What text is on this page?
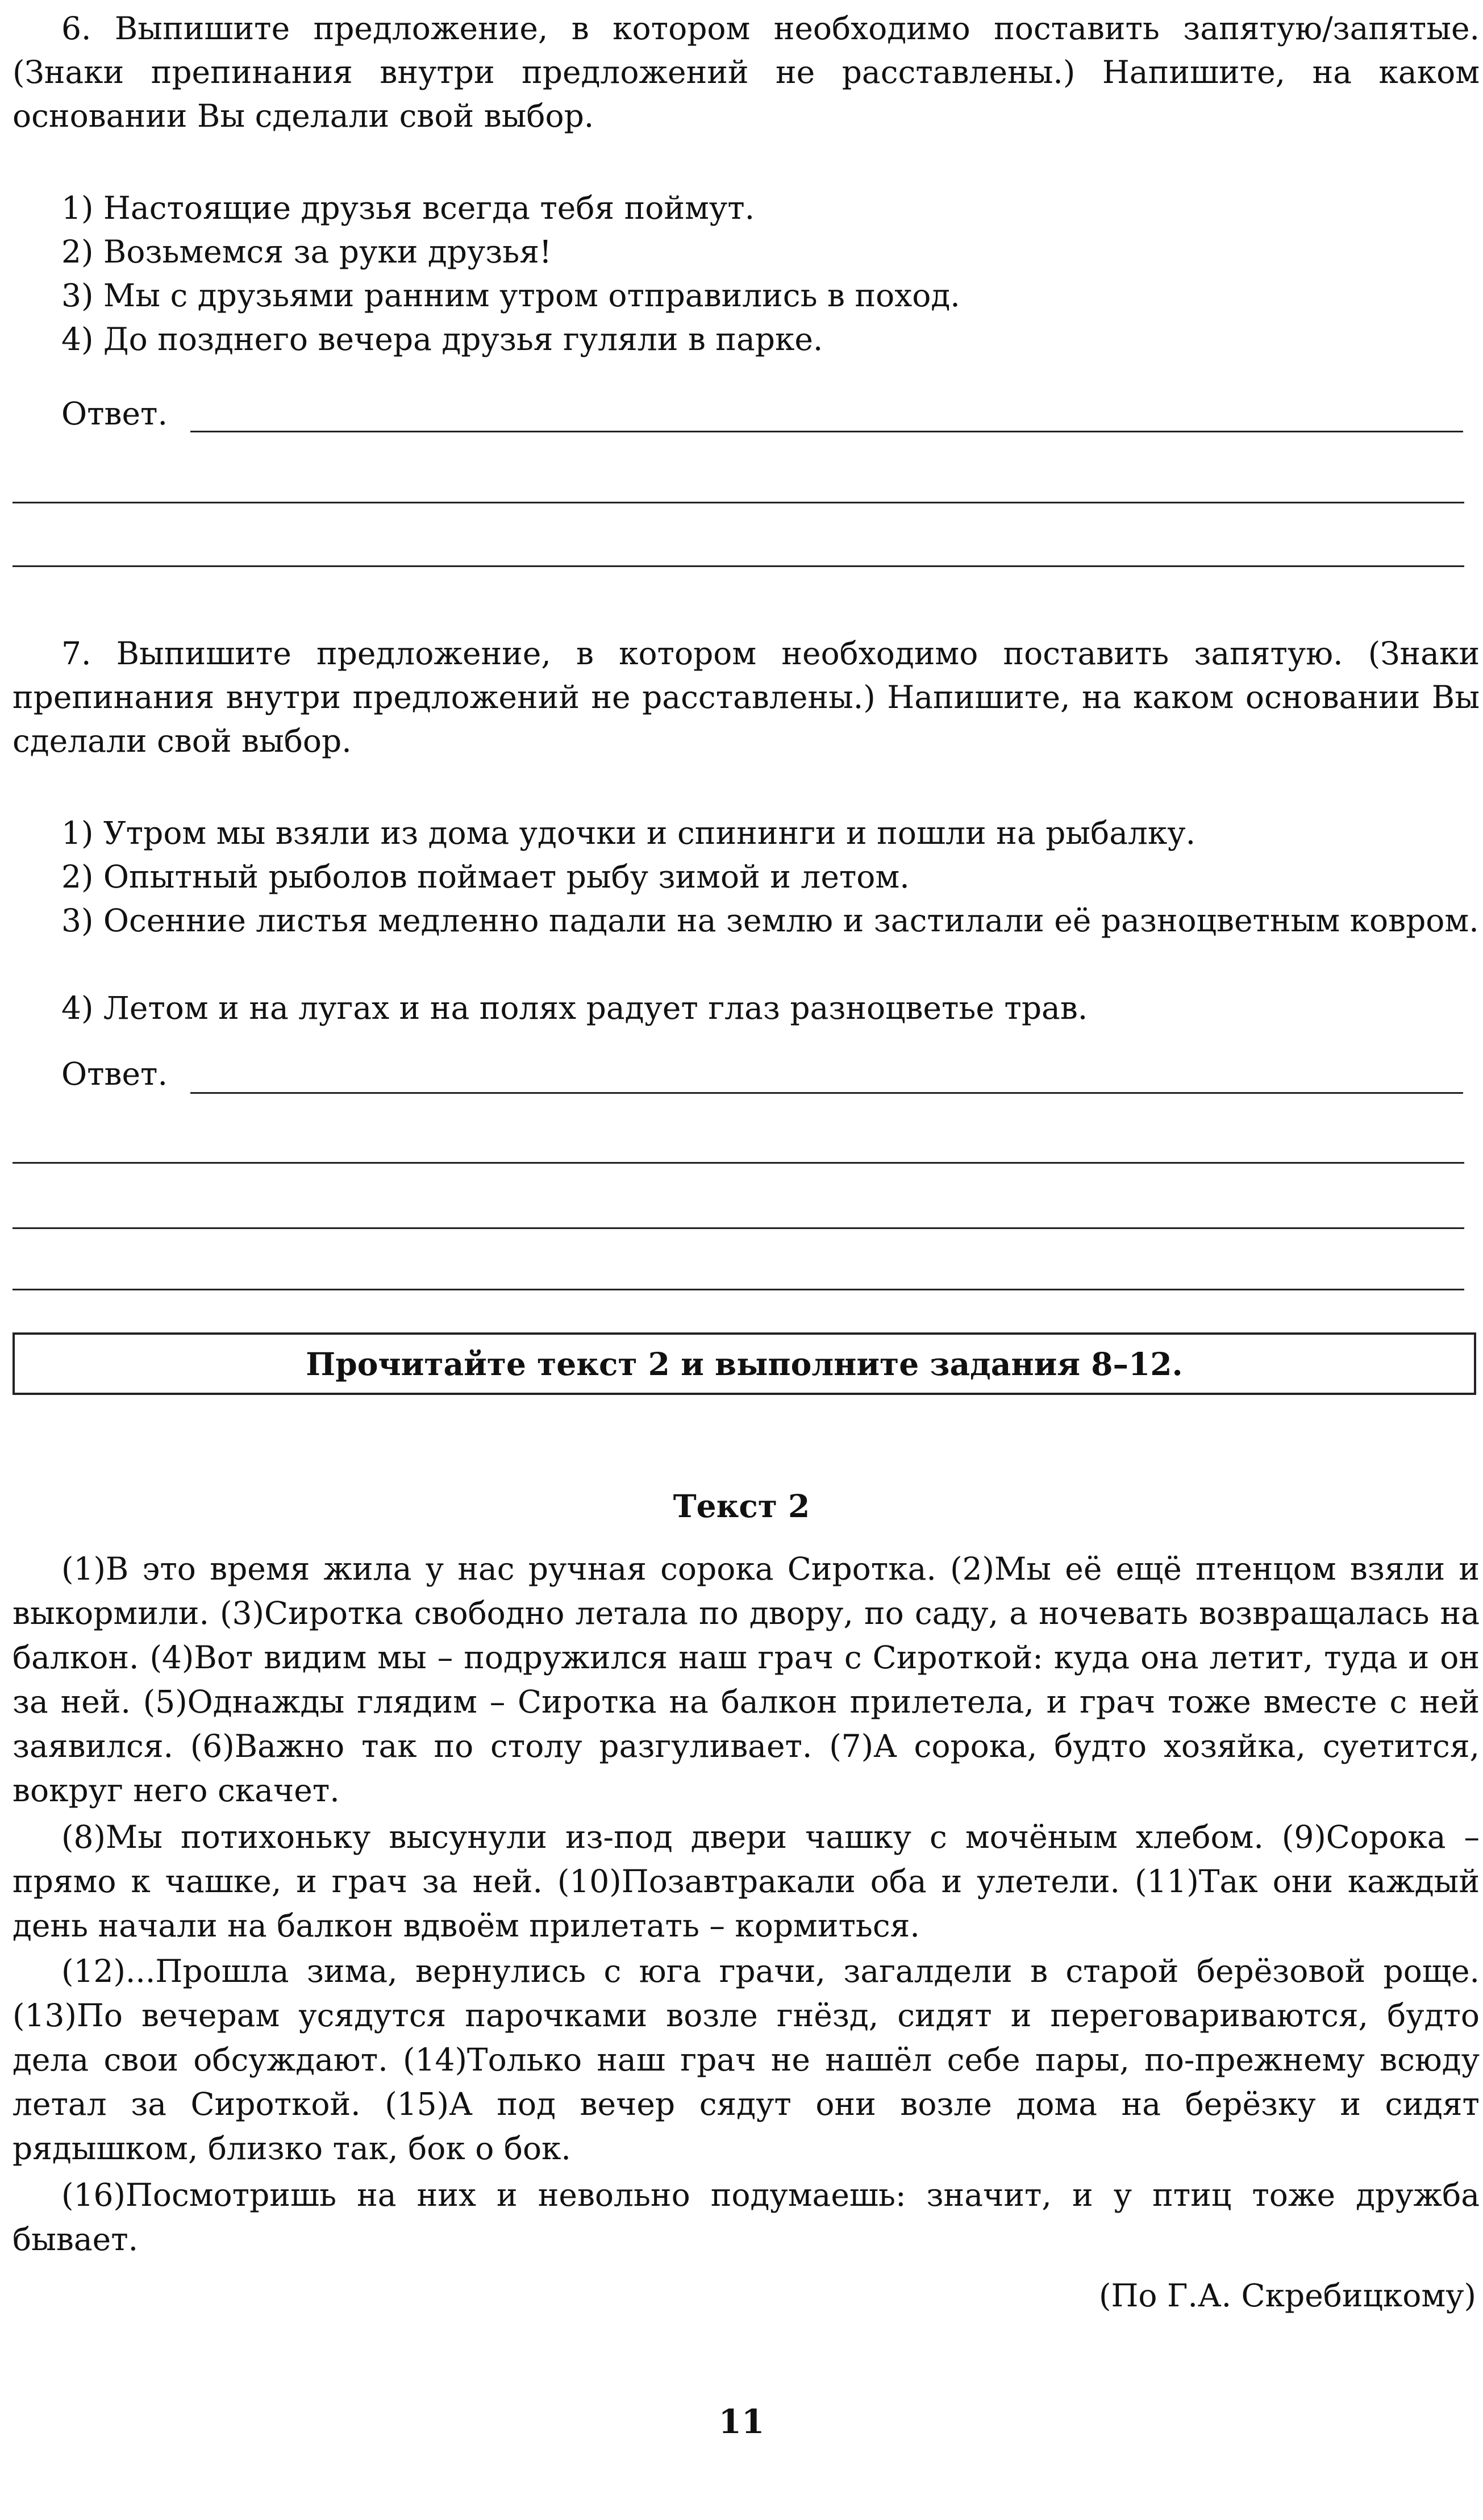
6. Выпишите предложение, в котором необходимо поставить запятую/запятые. (Знаки препинания внутри предложений не расставлены.) Напишите, на каком основании Вы сделали свой выбор.

1) Настоящие друзья всегда тебя поймут.

2) Возьмемся за руки друзья!

3) Мы с друзьями ранним утром отправились в поход.

4) До позднего вечера друзья гуляли в парке.

Ответ.

7. Выпишите предложение, в котором необходимо поставить запятую. (Знаки препинания внутри предложений не расставлены.) Напишите, на каком основании Вы сделали свой выбор.

1) Утром мы взяли из дома удочки и спининги и пошли на рыбалку.

2) Опытный рыболов поймает рыбу зимой и летом.

3) Осенние листья медленно падали на землю и застилали её разноцветным ковром.

4) Летом и на лугах и на полях радует глаз разноцветье трав.

Ответ.
Прочитайте текст 2 и выполните задания 8–12.
Текст 2

(1)В это время жила у нас ручная сорока Сиротка. (2)Мы её ещё птенцом взяли и выкормили. (3)Сиротка свободно летала по двору, по саду, а ночевать возвращалась на балкон. (4)Вот видим мы – подружился наш грач с Сироткой: куда она летит, туда и он за ней. (5)Однажды глядим – Сиротка на балкон прилетела, и грач тоже вместе с ней заявился. (6)Важно так по столу разгуливает. (7)А сорока, будто хозяйка, суетится, вокруг него скачет.

(8)Мы потихоньку высунули из-под двери чашку с мочёным хлебом. (9)Сорока – прямо к чашке, и грач за ней. (10)Позавтракали оба и улетели. (11)Так они каждый день начали на балкон вдвоём прилетать – кормиться.

(12)...Прошла зима, вернулись с юга грачи, загалдели в старой берёзовой роще. (13)По вечерам усядутся парочками возле гнёзд, сидят и переговариваются, будто дела свои обсуждают. (14)Только наш грач не нашёл себе пары, по-прежнему всюду летал за Сироткой. (15)А под вечер сядут они возле дома на берёзку и сидят рядышком, близко так, бок о бок.

(16)Посмотришь на них и невольно подумаешь: значит, и у птиц тоже дружба бывает.

(По Г.А. Скребицкому)
11
